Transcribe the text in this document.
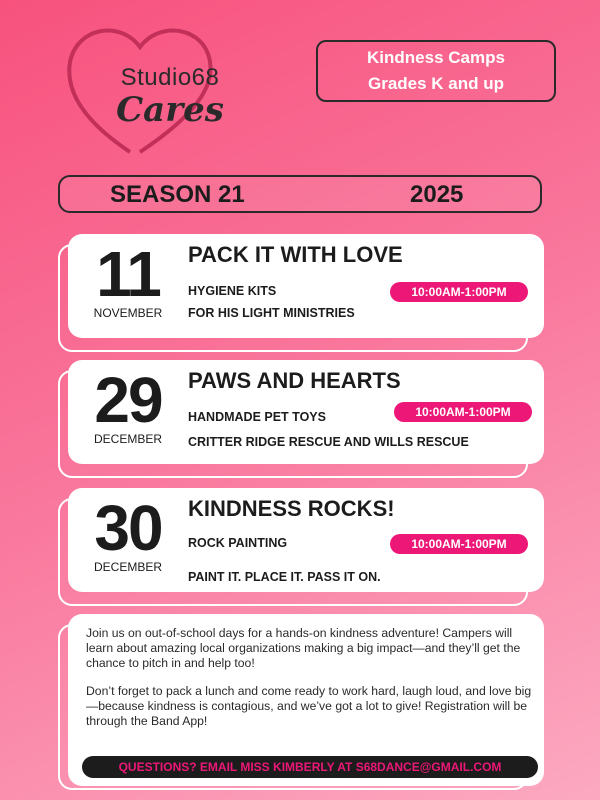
Studio68
Cares
Kindness Camps
Grades K and up
SEASON 21	2025
11
NOVEMBER
PACK IT WITH LOVE
HYGIENE KITS
FOR HIS LIGHT MINISTRIES
10:00AM-1:00PM
29
DECEMBER
PAWS AND HEARTS
HANDMADE PET TOYS
CRITTER RIDGE RESCUE AND WILLS RESCUE
10:00AM-1:00PM
30
DECEMBER
KINDNESS ROCKS!
ROCK PAINTING
PAINT IT. PLACE IT. PASS IT ON.
10:00AM-1:00PM

Join us on out-of-school days for a hands-on kindness adventure! Campers will learn about amazing local organizations making a big impact—and they’ll get the chance to pitch in and help too!

Don’t forget to pack a lunch and come ready to work hard, laugh loud, and love big—because kindness is contagious, and we’ve got a lot to give! Registration will be through the Band App!

QUESTIONS? EMAIL MISS KIMBERLY AT S68DANCE@GMAIL.COM
